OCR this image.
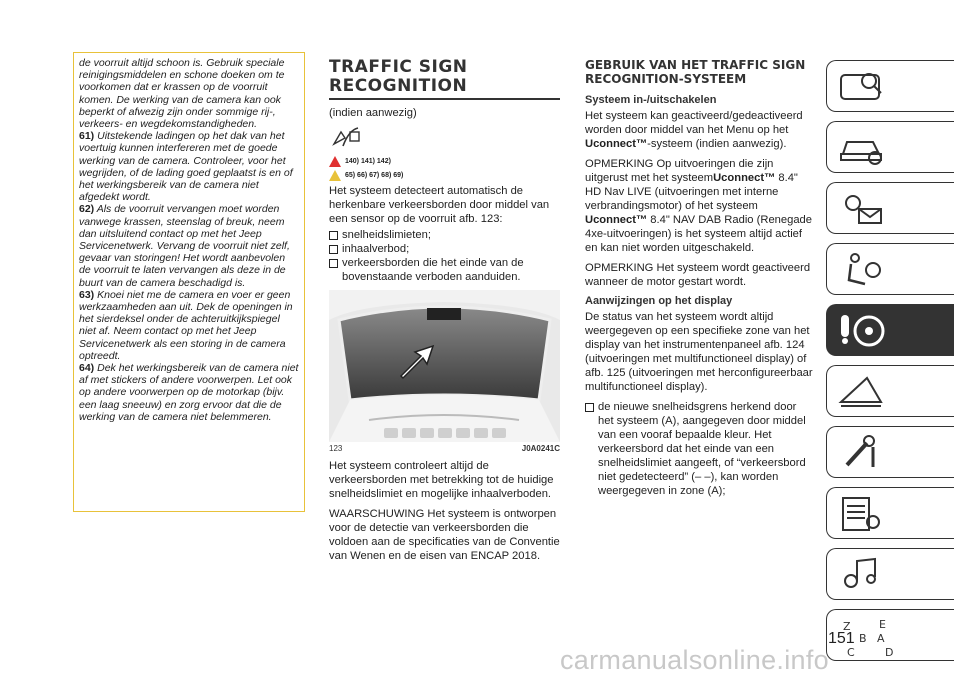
de voorruit altijd schoon is. Gebruik speciale reinigingsmiddelen en schone doeken om te voorkomen dat er krassen op de voorruit komen. De werking van de camera kan ook beperkt of afwezig zijn onder sommige rij-, verkeers- en wegdekomstandigheden.

61) Uitstekende ladingen op het dak van het voertuig kunnen interfereren met de goede werking van de camera. Controleer, voor het wegrijden, of de lading goed geplaatst is en of het werkingsbereik van de camera niet afgedekt wordt.

62) Als de voorruit vervangen moet worden vanwege krassen, steenslag of breuk, neem dan uitsluitend contact op met het Jeep Servicenetwerk. Vervang de voorruit niet zelf, gevaar van storingen! Het wordt aanbevolen de voorruit te laten vervangen als deze in de buurt van de camera beschadigd is.

63) Knoei niet me de camera en voer er geen werkzaamheden aan uit. Dek de openingen in het sierdeksel onder de achteruitkijkspiegel niet af. Neem contact op met het Jeep Servicenetwerk als een storing in de camera optreedt.

64) Dek het werkingsbereik van de camera niet af met stickers of andere voorwerpen. Let ook op andere voorwerpen op de motorkap (bijv. een laag sneeuw) en zorg ervoor dat die de werking van de camera niet belemmeren.

TRAFFIC SIGN
RECOGNITION

(indien aanwezig)

140) 141) 142)
65) 66) 67) 68) 69)

Het systeem detecteert automatisch de herkenbare verkeersborden door middel van een sensor op de voorruit afb. 123:

snelheidslimieten;
inhaalverbod;
verkeersborden die het einde van de bovenstaande verboden aanduiden.
123	J0A0241C

Het systeem controleert altijd de verkeersborden met betrekking tot de huidige snelheidslimiet en mogelijke inhaalverboden.

WAARSCHUWING Het systeem is ontworpen voor de detectie van verkeersborden die voldoen aan de specificaties van de Conventie van Wenen en de eisen van ENCAP 2018.

GEBRUIK VAN HET TRAFFIC SIGN RECOGNITION-SYSTEEM
Systeem in-/uitschakelen

Het systeem kan geactiveerd/gedeactiveerd worden door middel van het Menu op het Uconnect™-systeem (indien aanwezig).

OPMERKING Op uitvoeringen die zijn uitgerust met het systeemUconnect™ 8.4" HD Nav LIVE (uitvoeringen met interne verbrandingsmotor) of het systeem Uconnect™ 8.4" NAV DAB Radio (Renegade 4xe-uitvoeringen) is het systeem altijd actief en kan niet worden uitgeschakeld.

OPMERKING Het systeem wordt geactiveerd wanneer de motor gestart wordt.

Aanwijzingen op het display

De status van het systeem wordt altijd weergegeven op een specifieke zone van het display van het instrumentenpaneel afb. 124 (uitvoeringen met multifunctioneel display) of afb. 125 (uitvoeringen met herconfigureerbaar multifunctioneel display).

de nieuwe snelheidsgrens herkend door het systeem (A), aangegeven door middel van een vooraf bepaalde kleur. Het verkeersbord dat het einde van een snelheidslimiet aangeeft, of “verkeersbord niet gedetecteerd” (– –), kan worden weergegeven in zone (A);
Z	E
B A
C	D
151
carmanualsonline.info
